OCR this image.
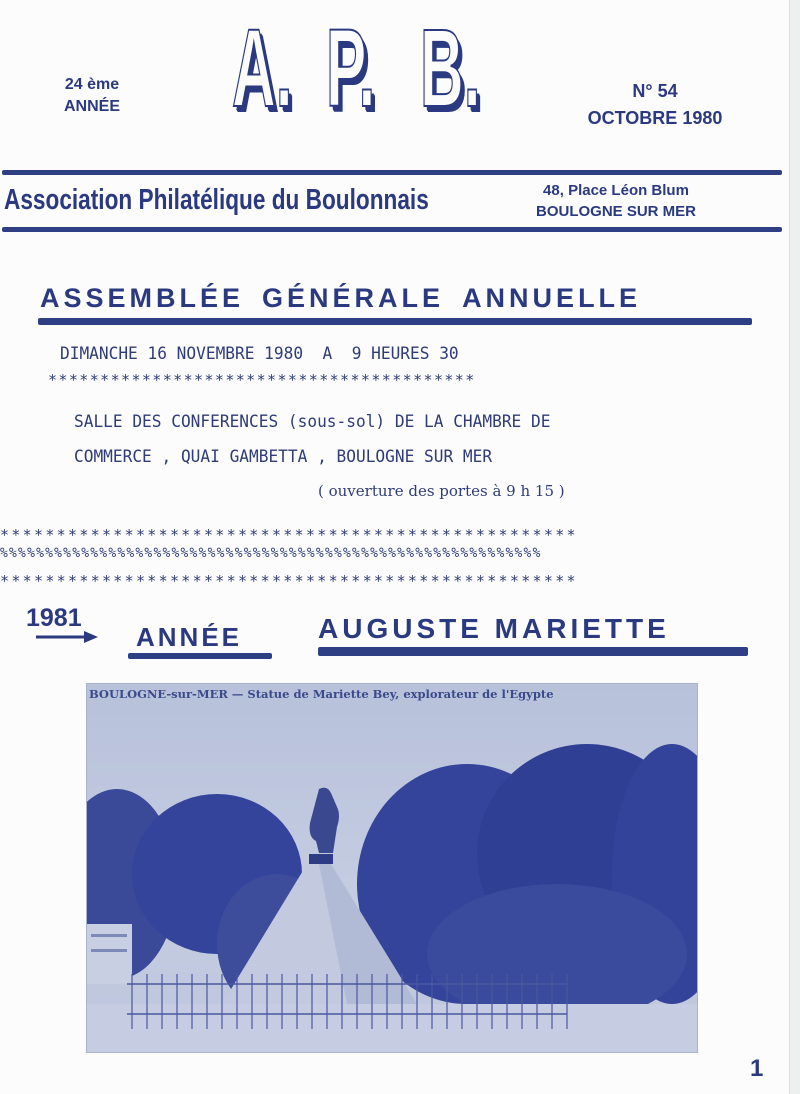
24 ème
ANNÉE A. P. B.	N° 54
OCTOBRE 1980
Association Philatélique du Boulonnais	48, Place Léon Blum
BOULOGNE SUR MER
ASSEMBLÉE GÉNÉRALE ANNUELLE
DIMANCHE 16 NOVEMBRE 1980  A  9 HEURES 30
*****************************************
SALLE DES CONFERENCES (sous-sol) DE LA CHAMBRE DE
COMMERCE , QUAI GAMBETTA , BOULOGNE SUR MER
( ouverture des portes à 9 h 15 )
***************************************************
%%%%%%%%%%%%%%%%%%%%%%%%%%%%%%%%%%%%%%%%%%%%%%%%%%%%%%%%%%%%
***************************************************
1981
ANNÉE	AUGUSTE MARIETTE
BOULOGNE-sur-MER — Statue de Mariette Bey, explorateur de l'Egypte
1
